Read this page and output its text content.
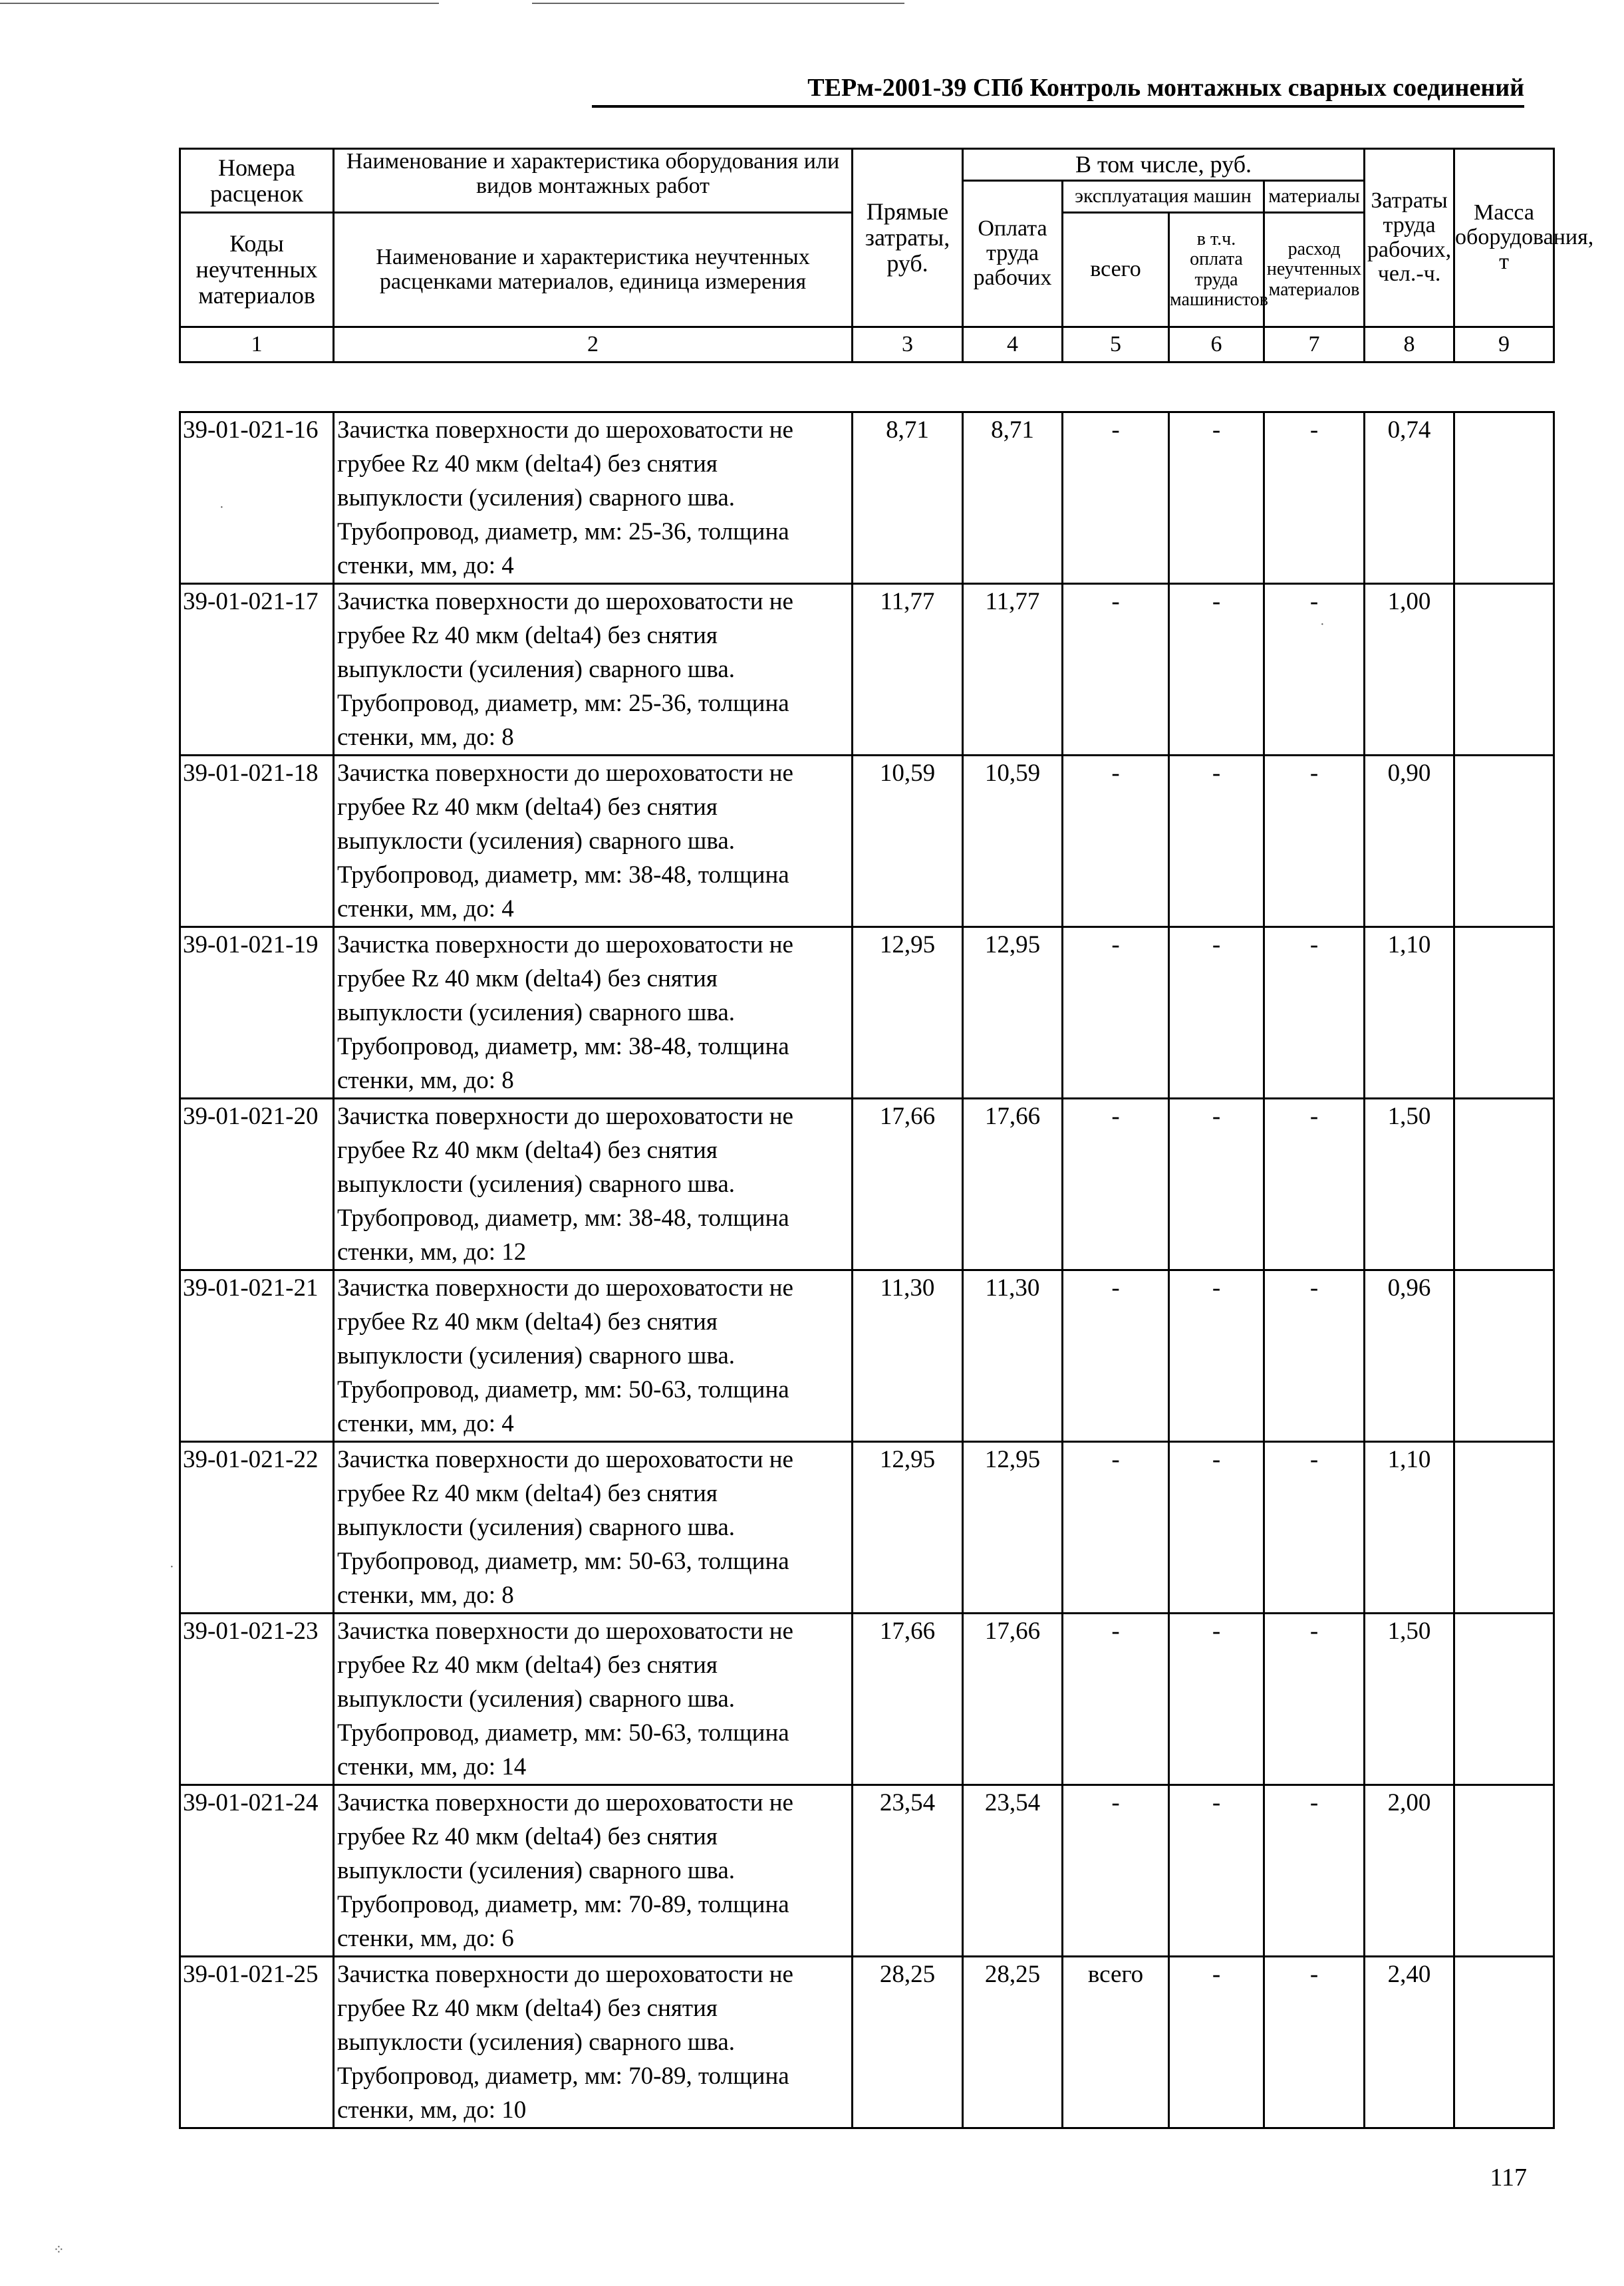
·
·
·
⁘
ТЕРм-2001-39 СПб Контроль монтажных сварных соединений
Номера расценок	Наименование и характеристика оборудования или видов монтажных работ	Прямые затраты, руб.	В том числе, руб.				Затраты труда рабочих, чел.-ч.	Масса оборудования, т
			Оплата труда рабочих	эксплуатация машин		материалы		
Коды неучтенных материалов	Наименование и характеристика неучтенных расценками материалов, единица измерения			всего	в т.ч. оплата труда машинистов	расход неучтенных материалов		

1	2	3	4	5	6	7	8	9
39-01-021-16	Зачистка поверхности до шероховатости не
грубее Rz 40 мкм (delta4) без снятия
выпуклости (усиления) сварного шва.
Трубопровод, диаметр, мм: 25-36, толщина
стенки, мм, до: 4	8,71	8,71	-	-	-	0,74	
39-01-021-17	Зачистка поверхности до шероховатости не
грубее Rz 40 мкм (delta4) без снятия
выпуклости (усиления) сварного шва.
Трубопровод, диаметр, мм: 25-36, толщина
стенки, мм, до: 8	11,77	11,77	-	-	-	1,00	
39-01-021-18	Зачистка поверхности до шероховатости не
грубее Rz 40 мкм (delta4) без снятия
выпуклости (усиления) сварного шва.
Трубопровод, диаметр, мм: 38-48, толщина
стенки, мм, до: 4	10,59	10,59	-	-	-	0,90	
39-01-021-19	Зачистка поверхности до шероховатости не
грубее Rz 40 мкм (delta4) без снятия
выпуклости (усиления) сварного шва.
Трубопровод, диаметр, мм: 38-48, толщина
стенки, мм, до: 8	12,95	12,95	-	-	-	1,10	
39-01-021-20	Зачистка поверхности до шероховатости не
грубее Rz 40 мкм (delta4) без снятия
выпуклости (усиления) сварного шва.
Трубопровод, диаметр, мм: 38-48, толщина
стенки, мм, до: 12	17,66	17,66	-	-	-	1,50	
39-01-021-21	Зачистка поверхности до шероховатости не
грубее Rz 40 мкм (delta4) без снятия
выпуклости (усиления) сварного шва.
Трубопровод, диаметр, мм: 50-63, толщина
стенки, мм, до: 4	11,30	11,30	-	-	-	0,96	
39-01-021-22	Зачистка поверхности до шероховатости не
грубее Rz 40 мкм (delta4) без снятия
выпуклости (усиления) сварного шва.
Трубопровод, диаметр, мм: 50-63, толщина
стенки, мм, до: 8	12,95	12,95	-	-	-	1,10	
39-01-021-23	Зачистка поверхности до шероховатости не
грубее Rz 40 мкм (delta4) без снятия
выпуклости (усиления) сварного шва.
Трубопровод, диаметр, мм: 50-63, толщина
стенки, мм, до: 14	17,66	17,66	-	-	-	1,50	
39-01-021-24	Зачистка поверхности до шероховатости не
грубее Rz 40 мкм (delta4) без снятия
выпуклости (усиления) сварного шва.
Трубопровод, диаметр, мм: 70-89, толщина
стенки, мм, до: 6	23,54	23,54	-	-	-	2,00	
39-01-021-25	Зачистка поверхности до шероховатости не
грубее Rz 40 мкм (delta4) без снятия
выпуклости (усиления) сварного шва.
Трубопровод, диаметр, мм: 70-89, толщина
стенки, мм, до: 10	28,25	28,25	всего	-	-	2,40	
117
